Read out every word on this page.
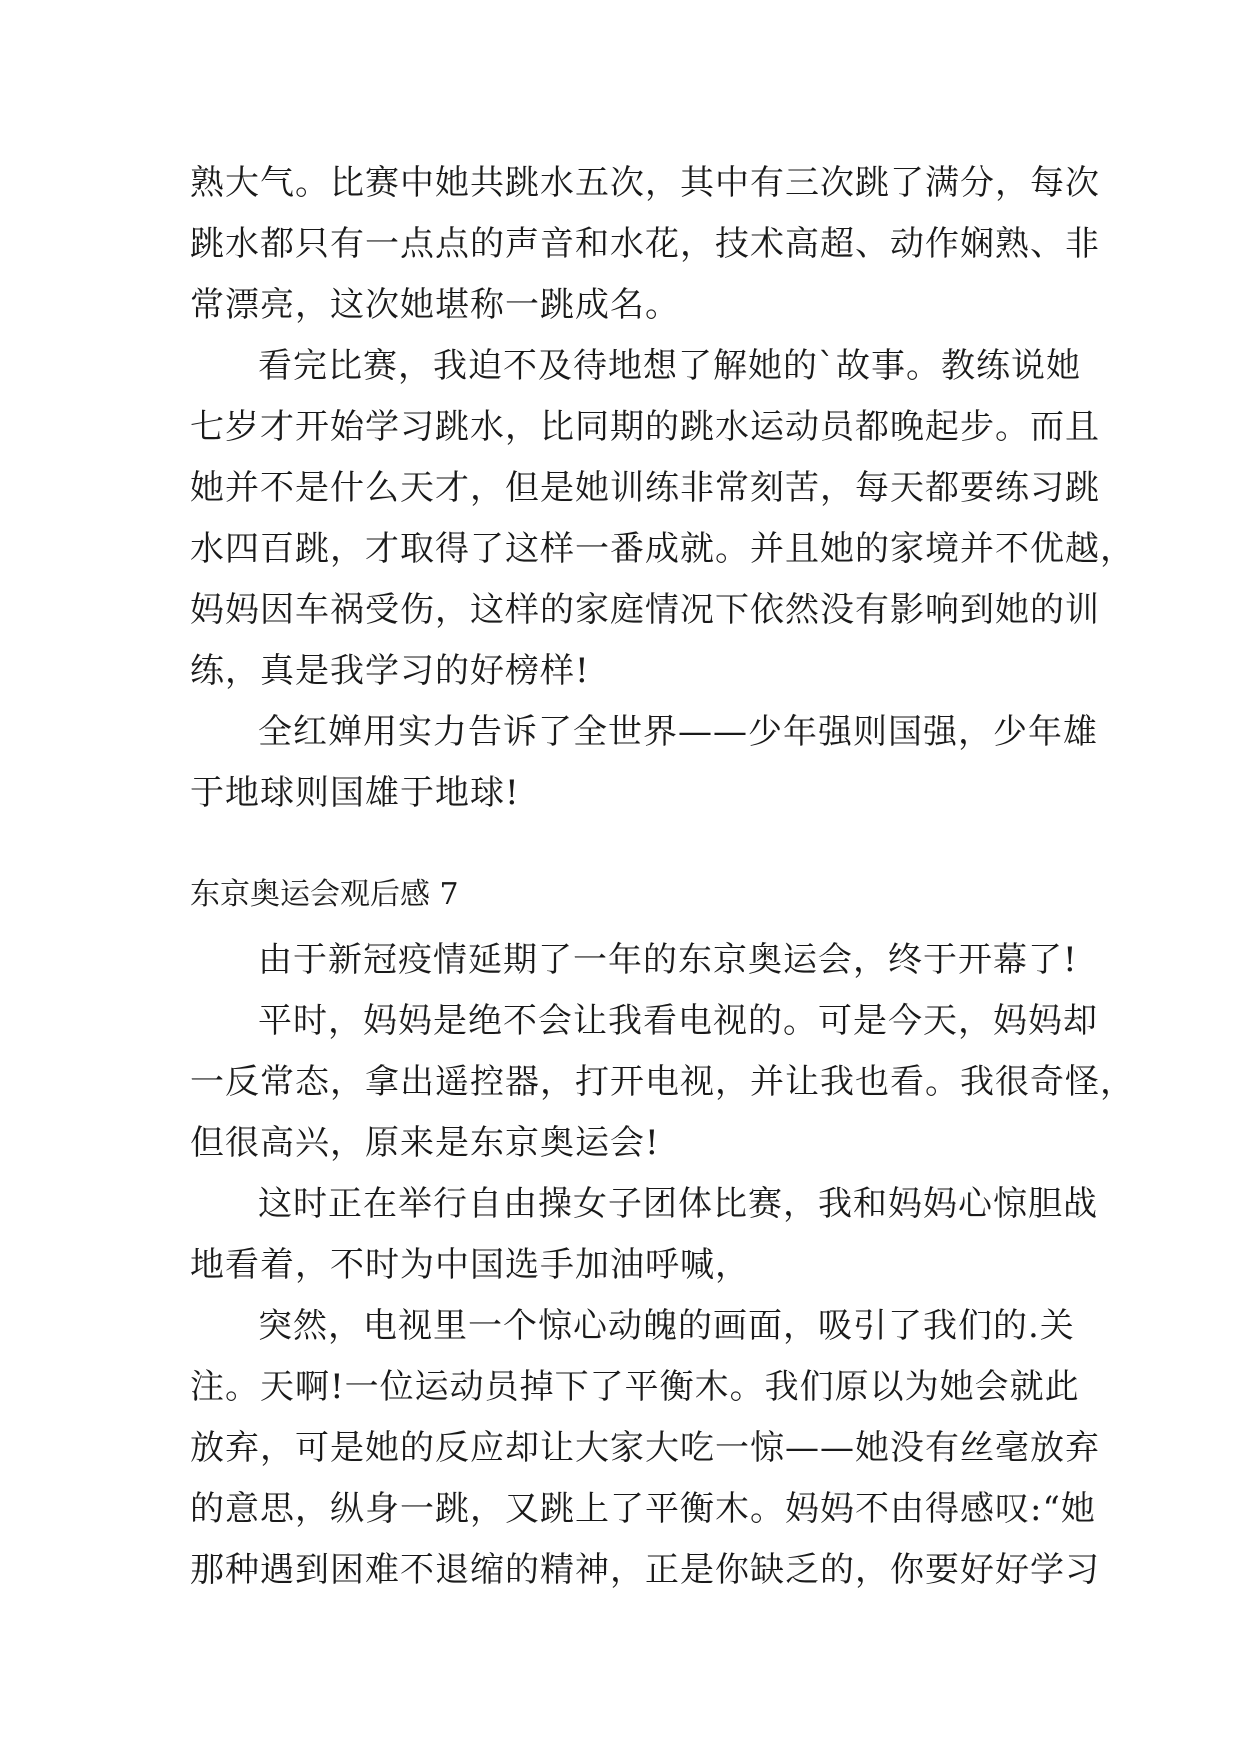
熟大气。比赛中她共跳水五次，其中有三次跳了满分，每次
跳水都只有一点点的声音和水花，技术高超、动作娴熟、非
常漂亮，这次她堪称一跳成名。
看完比赛，我迫不及待地想了解她的`故事。教练说她
七岁才开始学习跳水，比同期的跳水运动员都晚起步。而且
她并不是什么天才，但是她训练非常刻苦，每天都要练习跳
水四百跳，才取得了这样一番成就。并且她的家境并不优越，
妈妈因车祸受伤，这样的家庭情况下依然没有影响到她的训
练，真是我学习的好榜样!
全红婵用实力告诉了全世界——少年强则国强，少年雄
于地球则国雄于地球!
东京奥运会观后感 7
由于新冠疫情延期了一年的东京奥运会，终于开幕了!
平时，妈妈是绝不会让我看电视的。可是今天，妈妈却
一反常态，拿出遥控器，打开电视，并让我也看。我很奇怪，
但很高兴，原来是东京奥运会!
这时正在举行自由操女子团体比赛，我和妈妈心惊胆战
地看着，不时为中国选手加油呼喊，
突然，电视里一个惊心动魄的画面，吸引了我们的.关
注。天啊!一位运动员掉下了平衡木。我们原以为她会就此
放弃，可是她的反应却让大家大吃一惊——她没有丝毫放弃
的意思，纵身一跳，又跳上了平衡木。妈妈不由得感叹:“她
那种遇到困难不退缩的精神，正是你缺乏的，你要好好学习
